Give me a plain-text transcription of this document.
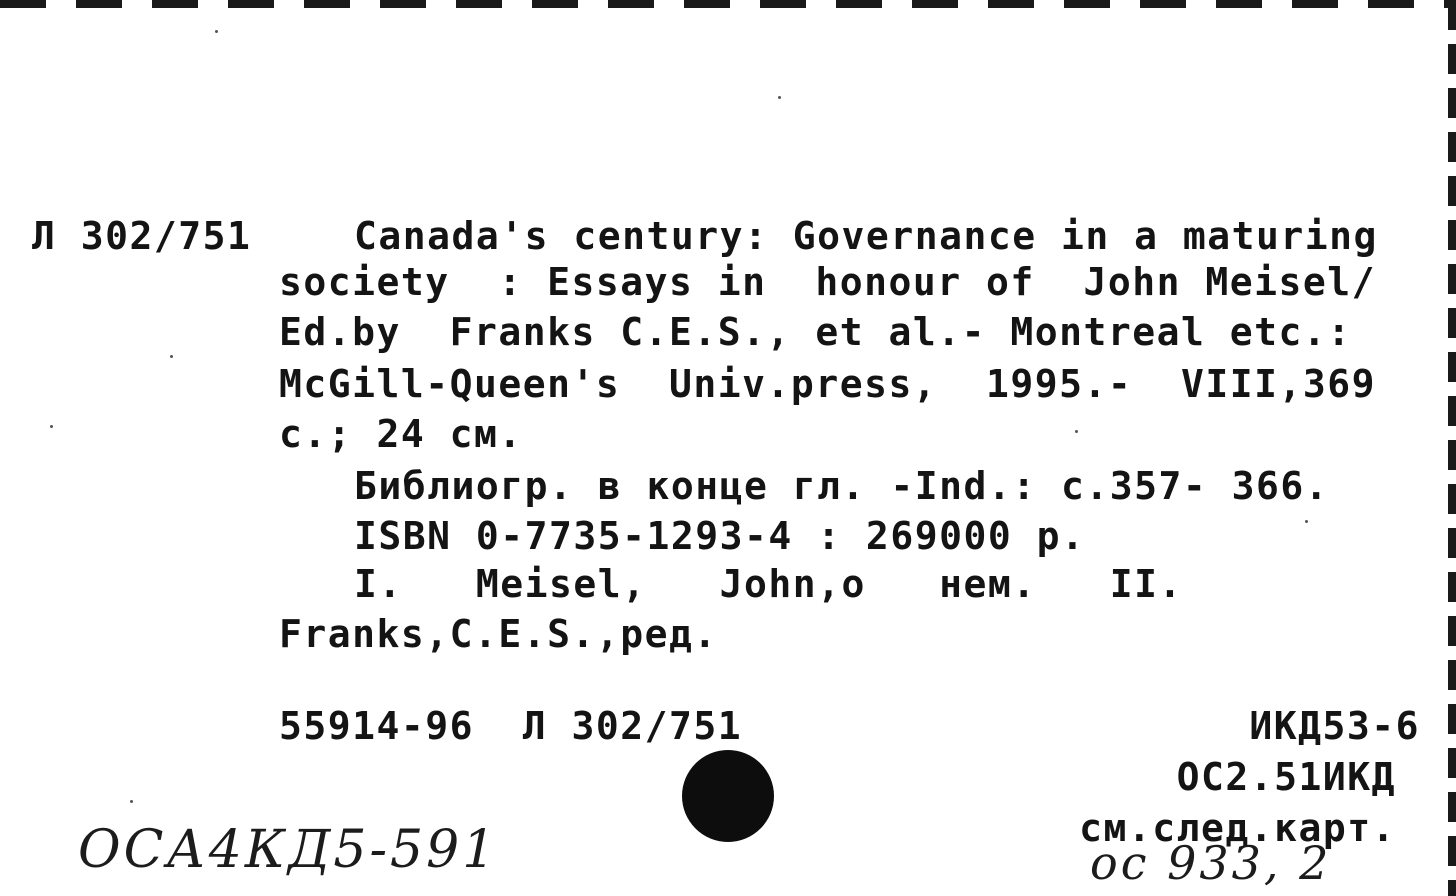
Л 302/751	Canada's century: Governance in a maturing
society  : Essays in  honour of  John Meisel/
Ed.by  Franks C.E.S., et al.- Montreal etc.:
McGill-Queen's  Univ.press,  1995.-  VIII,369
c.; 24 см.
Библиогр. в конце гл. -Ind.: с.357- 366.
ISBN 0-7735-1293-4 : 269000 р.
I.   Meisel,   John,о   нем.   II.
Franks,C.E.S.,ред.
55914-96  Л 302/751	ИКД53-6
ОС2.51ИКД
см.след.карт.
ОСА4КД5-591	ос 933, 2
